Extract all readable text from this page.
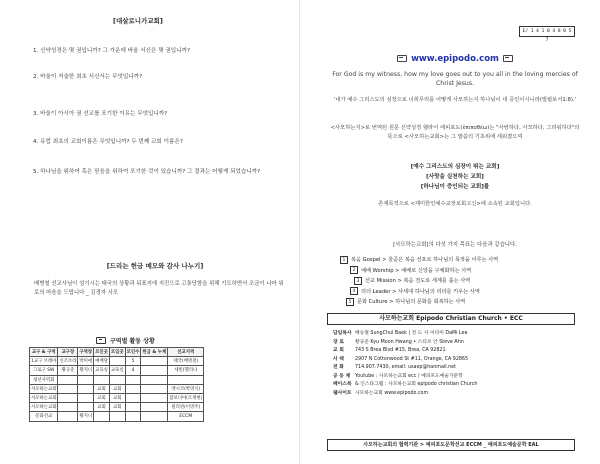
[대살로니가교회]
1. 신약성경은 몇 권입니까? 그 가운데 바울 서신은 몇 권입니까?
2. 바울이 저술한 최초 서신서는 무엇입니까?
3. 바울이 아시아 권 선교를 포기한 이유는 무엇입니까?
4. 유럽 최초의 교회이름은 무엇입니까? 두 번째 교회 이름은?
5. 하나님을 위하여 혹은 믿음을 위하여 포기한 것이 있습니까? 그 결과는 어떻게 되었습니까?
[드리는 헌금 메모와 감사 나누기]
배병철 선교사님이 섬기시는 태국의 상황과 뒤표지에 지진으로 고통당함을 위해 기도하면서 조금이 나마 위로의 마음을 드립니다 _ 김경자 사모
구역별 활동 상황
교구 & 구역	교구장	구역장	모인곳	모임곳	모인수	헌금 & 누계	선교지역
1교구 브레아	신조브라	박미애	예배당		5		태국(배병철)
그로구 SW	황규준	황지니	교육실	교육실	4		세빈(헬리나
청년사역회							
사모하는교회			교회	교회			멕시코(박영식)
사모하는교회			교회	교회			캄보디아(조재현)
사모하는교회			교회	교회			필리핀(이영주)
문화선교		황지니					ECCM
E/ 1 4 1 0 4 8 0 5 7
www.epipodo.com
For God is my witness, how my love goes out to you all in the loving mercies of Christ Jesus.
'내가 예수 그리스도의 심장으로 너희무리를 어떻게 사모하는지 하나님이 내 증인이시니라(빌립보서1:8).'
<사모하는지>로 번역된 원문 신약성경 헬라어 에피포도(ἐπιποθέω)는 "사랑하다, 사모하다, 그리워하다"의 뜻으로 <사모하는교회>는 그 말씀의 기초위에 세워졌으며
[예수 그리스도의 심장이 뛰는 교회]
[사랑을 실천하는 교회]
[하나님이 증인되는 교회]를
존재목적으로 <재미한인예수교장로회고신>에 소속된 교회입니다.
[사모하는교회]의 다섯 가지 목표는 다음과 같습니다.
1 복음 Gospel > 울곧은 복음 선포로 하나님의 목적을 이루는 사역
2 예배 Worship > 예배로 신앙을 구체화하는 사역
3 선교 Mission > 복음 전도로 세계를 품는 사역
4 리더 Leader > 사세대 하나님의 리더를 키우는 사역
5 문화 Culture > 하나님의 문화를 회복하는 사역
사모하는교회 Epipodo Christian Church • ECC
담임목사 배승철 SungChul Baek | 전 도 사 이다미 DaMi Lee
장 로	황규준 Kyu Moon Hwang • 스티브 안 Steve Ahn
교 회	743 S Brea Blvd #15, Brea, CA 92821
사 택	2907 N Cottonwood St #11, Orange, CA 92865
전 화	714.907.7430, email: usaep@hanmail.net
공 동 체 Youtube : 사모하는교회 ecc / 예피포도예술가문학
페이스북 & 인스타그램 : 사모하는교회 epipodo christian Church
웹사이트 사모하는교회 www.epipodo.com
사모하는교회의 협력기관 > 예피포도문학선교 ECCM _ 예피포도예술문학 EAL
